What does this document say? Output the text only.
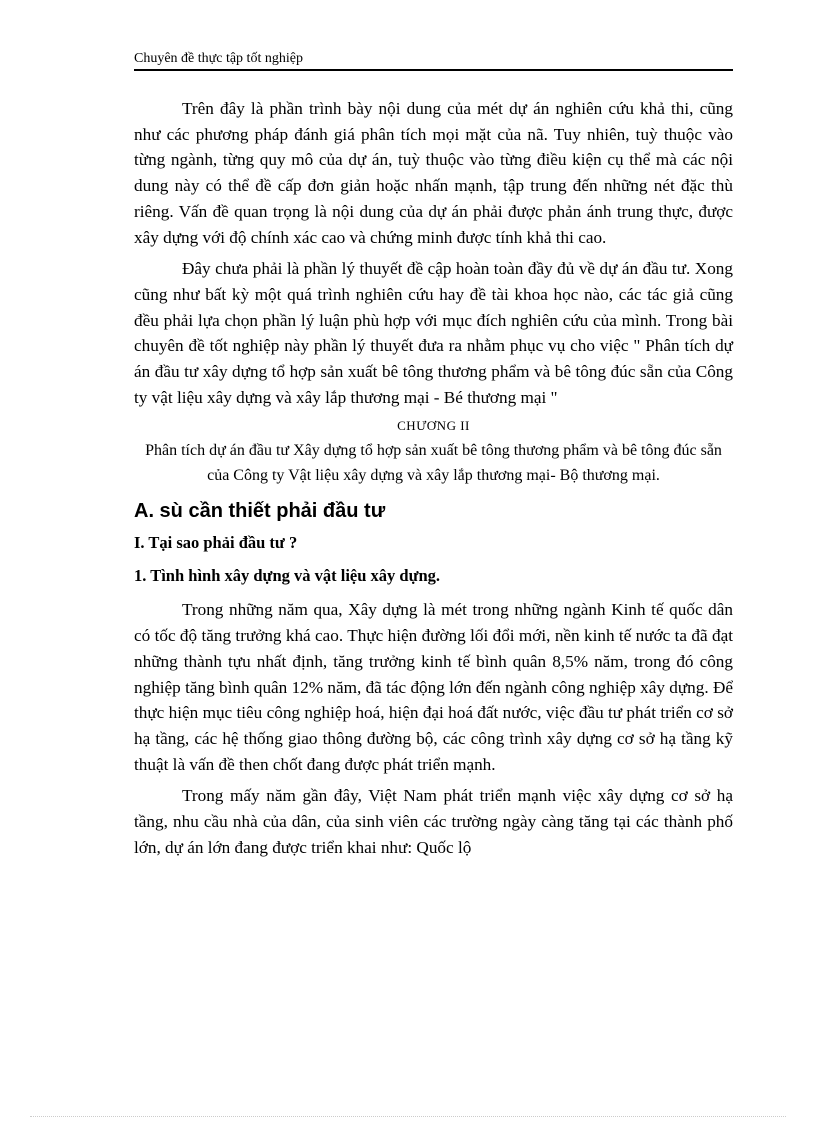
Chuyên đề thực tập tốt nghiệp

Trên đây là phần trình bày nội dung của mét dự án nghiên cứu khả thi, cũng như các phương pháp đánh giá phân tích mọi mặt của nã. Tuy nhiên, tuỳ thuộc vào từng ngành, từng quy mô của dự án, tuỳ thuộc vào từng điều kiện cụ thể mà các nội dung này có thể đề cấp đơn giản hoặc nhấn mạnh, tập trung đến những nét đặc thù riêng. Vấn đề quan trọng là nội dung của dự án phải được phản ánh trung thực, được xây dựng với độ chính xác cao và chứng minh được tính khả thi cao.

Đây chưa phải là phần lý thuyết đề cập hoàn toàn đầy đủ về dự án đầu tư. Xong cũng như bất kỳ một quá trình nghiên cứu hay đề tài khoa học nào, các tác giả cũng đều phải lựa chọn phần lý luận phù hợp với mục đích nghiên cứu của mình. Trong bài chuyên đề tốt nghiệp này phần lý thuyết đưa ra nhằm phục vụ cho việc " Phân tích dự án đầu tư xây dựng tổ hợp sản xuất bê tông thương phẩm và bê tông đúc sẵn của Công ty vật liệu xây dựng và xây lắp thương mại - Bé thương mại "

CHƯƠNG II
Phân tích dự án đầu tư Xây dựng tổ hợp sản xuất bê tông thương phẩm và bê tông đúc sẵn của Công ty Vật liệu xây dựng và xây lắp thương mại- Bộ thương mại.
A. sù cần thiết phải đầu tư
I. Tại sao phải đầu tư ?
1. Tình hình xây dựng và vật liệu xây dựng.

Trong những năm qua, Xây dựng là mét trong những ngành Kinh tế quốc dân có tốc độ tăng trưởng khá cao. Thực hiện đường lối đổi mới, nền kinh tế nước ta đã đạt những thành tựu nhất định, tăng trưởng kinh tế bình quân 8,5% năm, trong đó công nghiệp tăng bình quân 12% năm, đã tác động lớn đến ngành công nghiệp xây dựng. Để thực hiện mục tiêu công nghiệp hoá, hiện đại hoá đất nước, việc đầu tư phát triển cơ sở hạ tầng, các hệ thống giao thông đường bộ, các công trình xây dựng cơ sở hạ tầng kỹ thuật là vấn đề then chốt đang được phát triển mạnh.

Trong mấy năm gần đây, Việt Nam phát triển mạnh việc xây dựng cơ sở hạ tầng, nhu cầu nhà của dân, của sinh viên các trường ngày càng tăng tại các thành phố lớn, dự án lớn đang được triển khai như: Quốc lộ
